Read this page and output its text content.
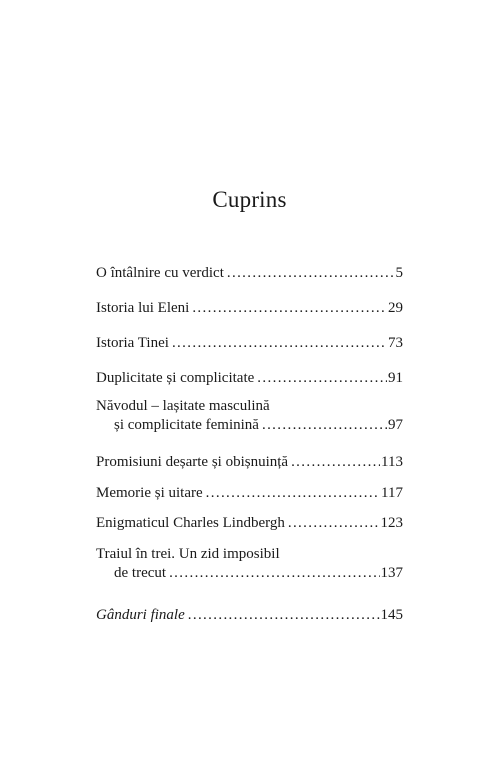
Cuprins
O întâlnire cu verdict . . .	5
Istoria lui Eleni . . .	29
Istoria Tinei . . .	73
Duplicitate și complicitate . . .	91
Năvodul – lașitate masculină
și complicitate feminină . . .	97
Promisiuni deșarte și obișnuință . . .	113
Memorie și uitare . . .	117
Enigmaticul Charles Lindbergh . . .	123
Traiul în trei. Un zid imposibil
de trecut . . .	137
Gânduri finale . . .	145
